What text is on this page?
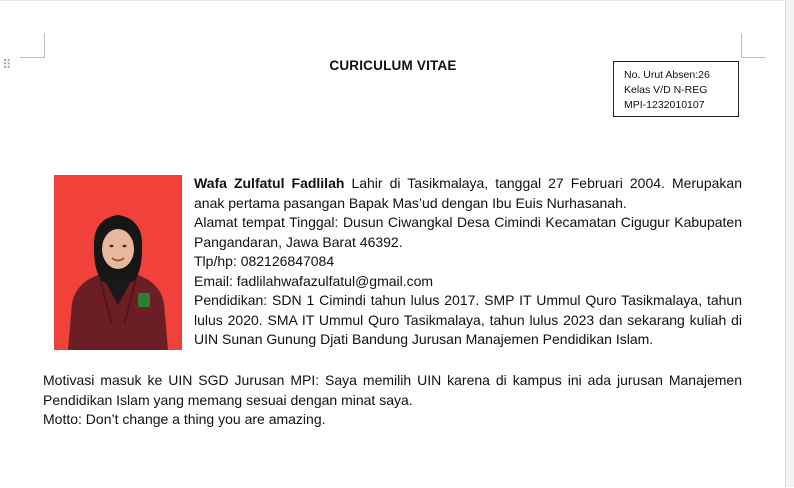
⠿	CURICULUM VITAE
No. Urut Absen:26
Kelas V/D N-REG
MPI-1232010107

Wafa Zulfatul Fadlilah Lahir di Tasikmalaya, tanggal 27 Februari 2004. Merupakan anak pertama pasangan Bapak Mas’ud dengan Ibu Euis Nurhasanah.

Alamat tempat Tinggal: Dusun Ciwangkal Desa Cimindi Kecamatan Cigugur Kabupaten Pangandaran, Jawa Barat 46392.

Tlp/hp: 082126847084

Email: fadlilahwafazulfatul@gmail.com

Pendidikan: SDN 1 Cimindi tahun lulus 2017. SMP IT Ummul Quro Tasikmalaya, tahun lulus 2020. SMA IT Ummul Quro Tasikmalaya, tahun lulus 2023 dan sekarang kuliah di UIN Sunan Gunung Djati Bandung Jurusan Manajemen Pendidikan Islam.

Motivasi masuk ke UIN SGD Jurusan MPI: Saya memilih UIN karena di kampus ini ada jurusan Manajemen Pendidikan Islam yang memang sesuai dengan minat saya.

Motto: Don’t change a thing you are amazing.
